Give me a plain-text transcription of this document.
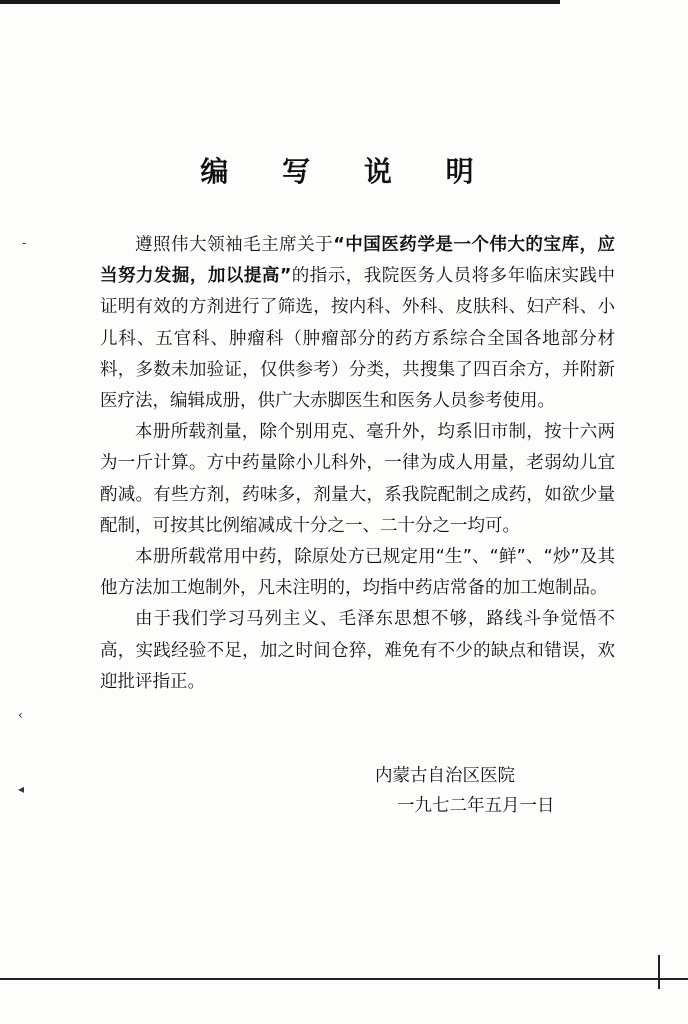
-
‹
◂
编 写 说 明

遵照伟大领袖毛主席关于“中国医药学是一个伟大的宝库，应当努力发掘，加以提高”的指示，我院医务人员将多年临床实践中证明有效的方剂进行了筛选，按内科、外科、皮肤科、妇产科、小儿科、五官科、肿瘤科（肿瘤部分的药方系综合全国各地部分材料，多数未加验证，仅供参考）分类，共搜集了四百余方，并附新医疗法，编辑成册，供广大赤脚医生和医务人员参考使用。

本册所载剂量，除个别用克、毫升外，均系旧市制，按十六两为一斤计算。方中药量除小儿科外，一律为成人用量，老弱幼儿宜酌减。有些方剂，药味多，剂量大，系我院配制之成药，如欲少量配制，可按其比例缩减成十分之一、二十分之一均可。

本册所载常用中药，除原处方已规定用“生”、“鲜”、“炒”及其他方法加工炮制外，凡未注明的，均指中药店常备的加工炮制品。

由于我们学习马列主义、毛泽东思想不够，路线斗争觉悟不高，实践经验不足，加之时间仓猝，难免有不少的缺点和错误，欢迎批评指正。

内蒙古自治区医院
一九七二年五月一日
